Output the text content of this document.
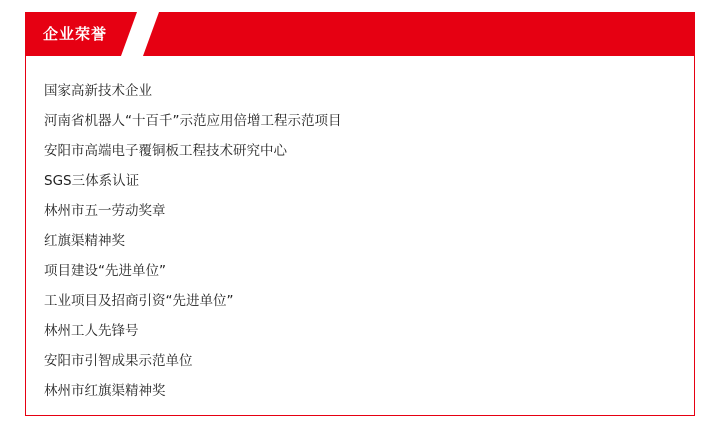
企业荣誉
国家高新技术企业
河南省机器人“十百千”示范应用倍增工程示范项目
安阳市高端电子覆铜板工程技术研究中心
SGS三体系认证
林州市五一劳动奖章
红旗渠精神奖
项目建设“先进单位”
工业项目及招商引资“先进单位”
林州工人先锋号
安阳市引智成果示范单位
林州市红旗渠精神奖
